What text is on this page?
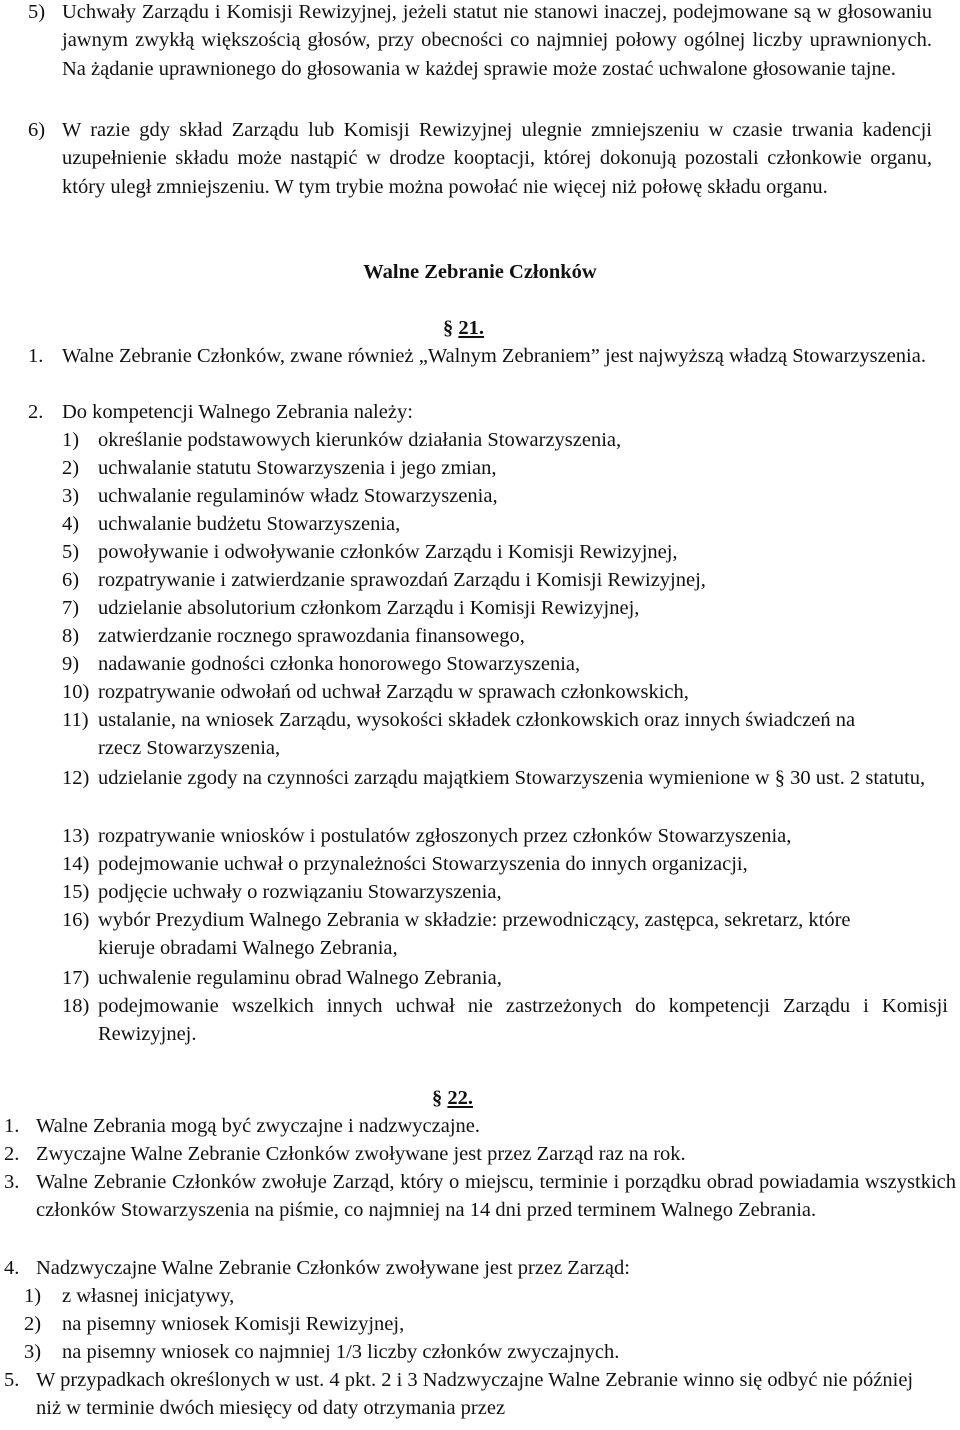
5) Uchwały Zarządu i Komisji Rewizyjnej, jeżeli statut nie stanowi inaczej, podejmowane są w głosowaniu jawnym zwykłą większością głosów, przy obecności co najmniej połowy ogólnej liczby uprawnionych. Na żądanie uprawnionego do głosowania w każdej sprawie może zostać uchwalone głosowanie tajne.
6) W razie gdy skład Zarządu lub Komisji Rewizyjnej ulegnie zmniejszeniu w czasie trwania kadencji uzupełnienie składu może nastąpić w drodze kooptacji, której dokonują pozostali członkowie organu, który uległ zmniejszeniu. W tym trybie można powołać nie więcej niż połowę składu organu.
Walne Zebranie Członków
§ 21.
1. Walne Zebranie Członków, zwane również „Walnym Zebraniem” jest najwyższą władzą Stowarzyszenia.
2. Do kompetencji Walnego Zebrania należy:
1) określanie podstawowych kierunków działania Stowarzyszenia,
2) uchwalanie statutu Stowarzyszenia i jego zmian,
3) uchwalanie regulaminów władz Stowarzyszenia,
4) uchwalanie budżetu Stowarzyszenia,
5) powoływanie i odwoływanie członków Zarządu i Komisji Rewizyjnej,
6) rozpatrywanie i zatwierdzanie sprawozdań Zarządu i Komisji Rewizyjnej,
7) udzielanie absolutorium członkom Zarządu i Komisji Rewizyjnej,
8) zatwierdzanie rocznego sprawozdania finansowego,
9) nadawanie godności członka honorowego Stowarzyszenia,
10) rozpatrywanie odwołań od uchwał Zarządu w sprawach członkowskich,
11) ustalanie, na wniosek Zarządu, wysokości składek członkowskich oraz innych świadczeń na rzecz Stowarzyszenia,
12) udzielanie zgody na czynności zarządu majątkiem Stowarzyszenia wymienione w § 30 ust. 2 statutu,
13) rozpatrywanie wniosków i postulatów zgłoszonych przez członków Stowarzyszenia,
14) podejmowanie uchwał o przynależności Stowarzyszenia do innych organizacji,
15) podjęcie uchwały o rozwiązaniu Stowarzyszenia,
16) wybór Prezydium Walnego Zebrania w składzie: przewodniczący, zastępca, sekretarz, które kieruje obradami Walnego Zebrania,
17) uchwalenie regulaminu obrad Walnego Zebrania,
18) podejmowanie wszelkich innych uchwał nie zastrzeżonych do kompetencji Zarządu i Komisji Rewizyjnej.
§ 22.
1. Walne Zebrania mogą być zwyczajne i nadzwyczajne.
2. Zwyczajne Walne Zebranie Członków zwoływane jest przez Zarząd raz na rok.
3. Walne Zebranie Członków zwołuje Zarząd, który o miejscu, terminie i porządku obrad powiadamia wszystkich członków Stowarzyszenia na piśmie, co najmniej na 14 dni przed terminem Walnego Zebrania.
4. Nadzwyczajne Walne Zebranie Członków zwoływane jest przez Zarząd:
1) z własnej inicjatywy,
2) na pisemny wniosek Komisji Rewizyjnej,
3) na pisemny wniosek co najmniej 1/3 liczby członków zwyczajnych.
5. W przypadkach określonych w ust. 4 pkt. 2 i 3 Nadzwyczajne Walne Zebranie winno się odbyć nie później niż w terminie dwóch miesięcy od daty otrzymania przez
